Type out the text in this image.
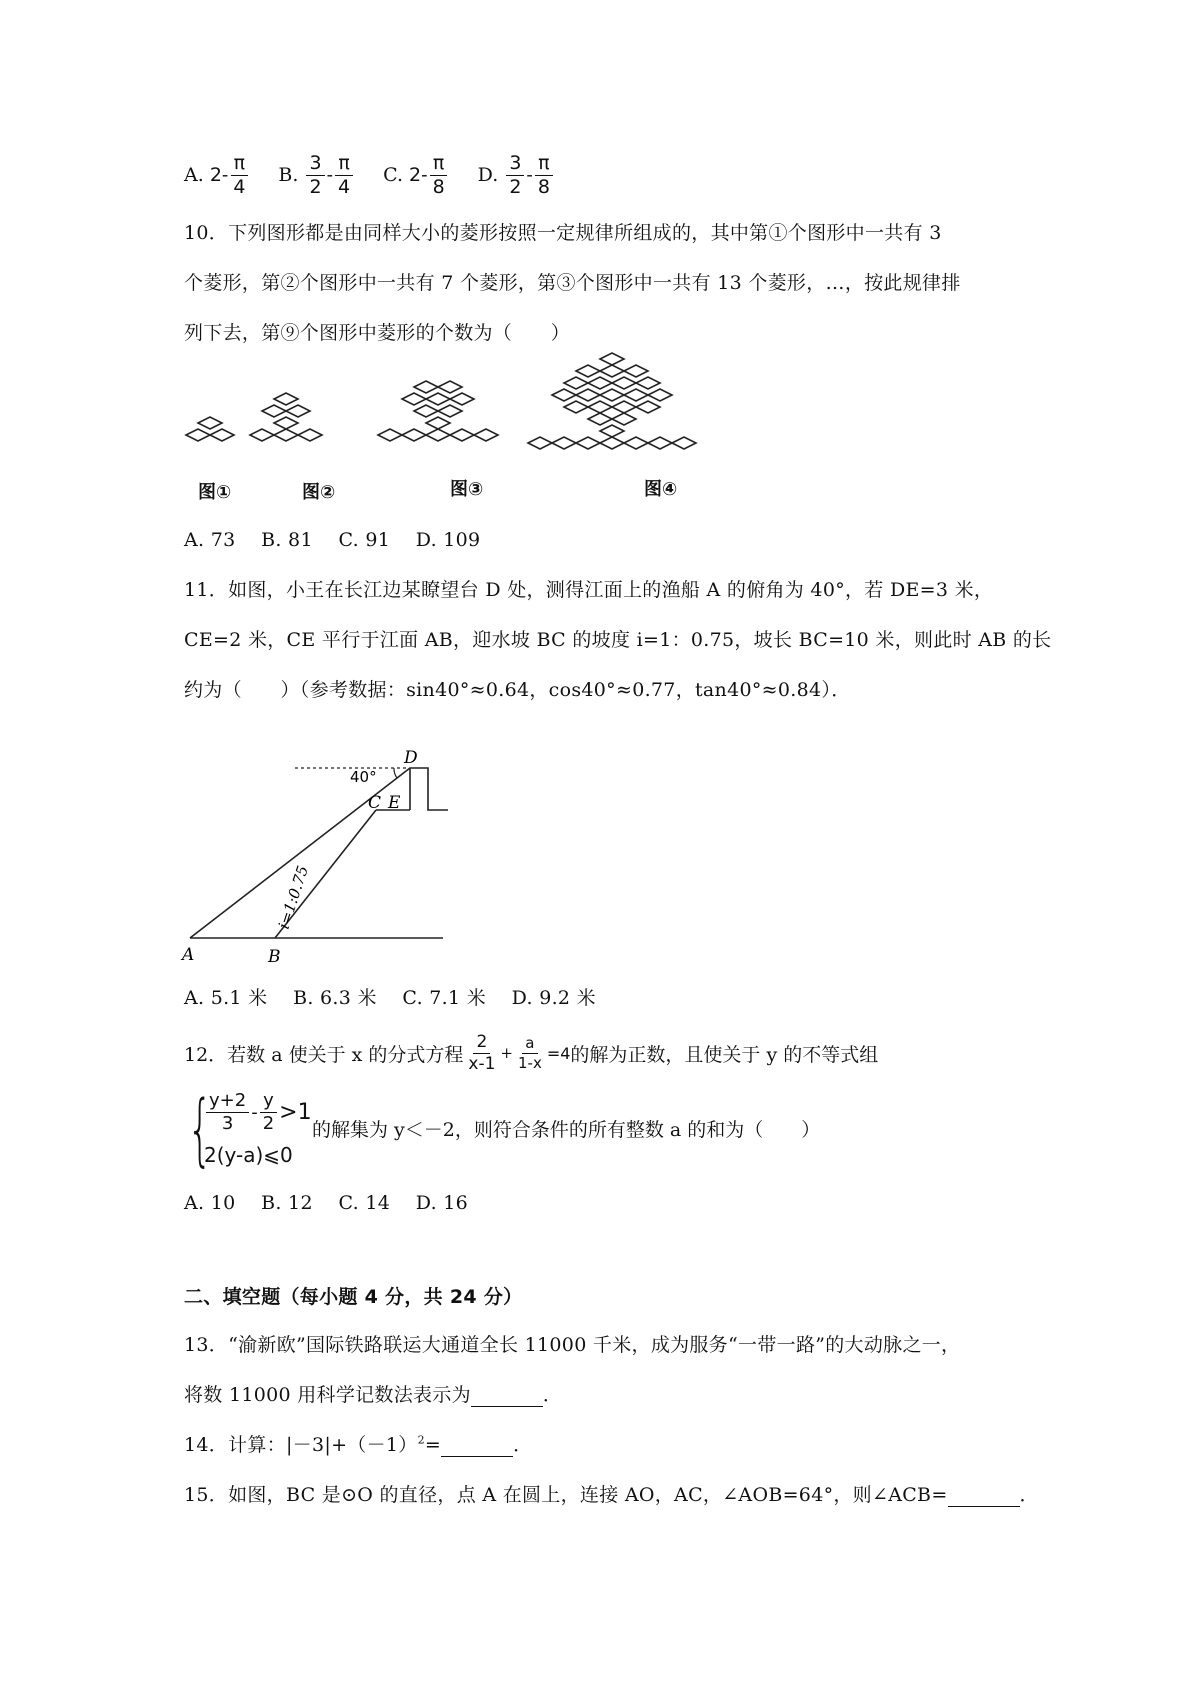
A.
$2 - \frac{\pi}{4} B$.
$\frac{3}{2} - \frac{\pi}{4} C$.
$2 - \frac{\pi}{8} D$.
$\frac{3}{2} - \frac{\pi}{8}$
10．下列图形都是由同样大小的菱形按照一定规律所组成的，其中第①个图形中一共有 3
个菱形，第②个图形中一共有 7 个菱形，第③个图形中一共有 13 个菱形，…，按此规律排
列下去，第⑨个图形中菱形的个数为（　　）
图①	图②	图③	图④
A. 73　 B. 81　 C. 91　 D. 109
11．如图，小王在长江边某瞭望台 D 处，测得江面上的渔船 A 的俯角为 40°，若 DE=3 米，
CE=2 米，CE 平行于江面 AB，迎水坡 BC 的坡度 i=1：0.75，坡长 BC=10 米，则此时 AB 的长
约为（　　）（参考数据：sin40°≈0.64，cos40°≈0.77，tan40°≈0.84）．
D
40°
C E
i=1:0.75
A	B
A. 5.1 米　 B. 6.3 米　 C. 7.1 米　 D. 9.2 米
12．若数 a 使关于 x 的分式方程 $\frac{2}{x-1} + \frac{a}{1-x} =4$ 的解为正数，且使关于 y 的不等式组
{
$\frac{y+2}{3} - \frac{y}{2} >1$
2(y-a)⩽0
的解集为 y＜－2，则符合条件的所有整数 a 的和为（　　）
A. 10　 B. 12　 C. 14　 D. 16
二、填空题（每小题 4 分，共 24 分）
13．“渝新欧”国际铁路联运大通道全长 11000 千米，成为服务“一带一路”的大动脉之一，
将数 11000 用科学记数法表示为	．
14．计算：$|-3|+(-1)^2=$	．
15．如图，BC 是⊙O 的直径，点 A 在圆上，连接 AO，AC，∠AOB=64°，则∠ACB=	．
